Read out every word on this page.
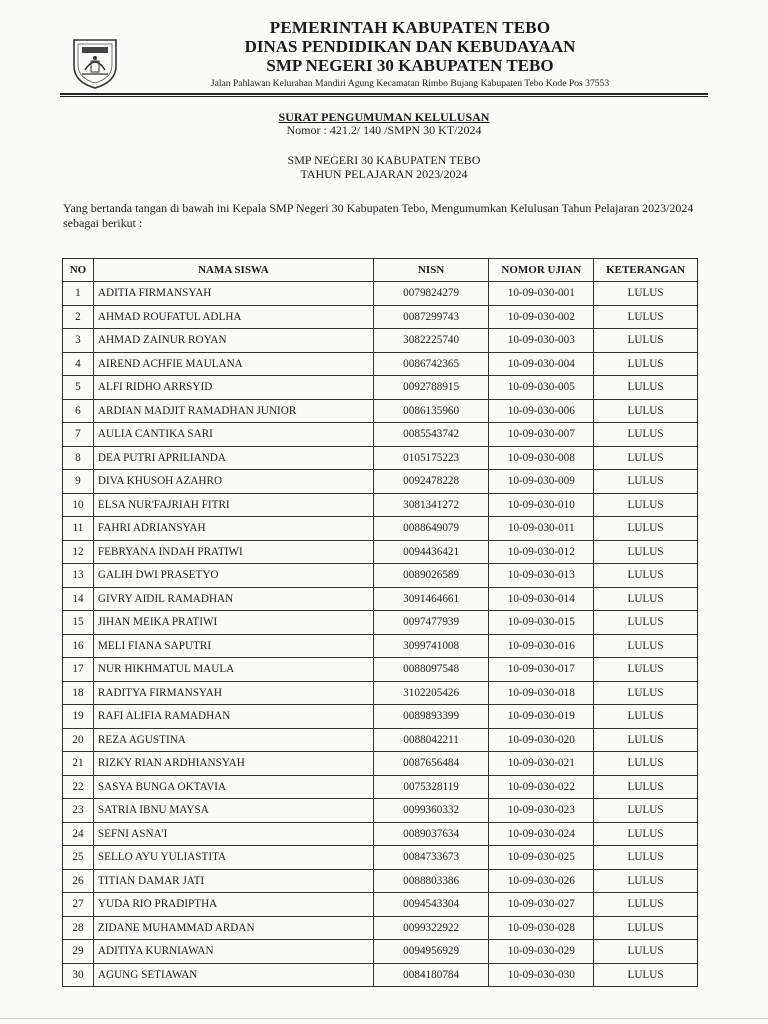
PEMERINTAH KABUPATEN TEBO
DINAS PENDIDIKAN DAN KEBUDAYAAN
SMP NEGERI 30 KABUPATEN TEBO
Jalan Pahlawan Kelurahan Mandiri Agung Kecamatan Rimbo Bujang Kabupaten Tebo Kode Pos 37553
SURAT PENGUMUMAN KELULUSAN
Nomor : 421.2/ 140 /SMPN 30 KT/2024
SMP NEGERI 30 KABUPATEN TEBO
TAHUN PELAJARAN 2023/2024
Yang bertanda tangan di bawah ini Kepala SMP Negeri 30 Kabupaten Tebo, Mengumumkan Kelulusan Tahun Pelajaran 2023/2024 sebagai berikut :
NO	NAMA SISWA	NISN	NOMOR UJIAN	KETERANGAN
1	ADITIA FIRMANSYAH	0079824279	10-09-030-001	LULUS
2	AHMAD ROUFATUL ADLHA	0087299743	10-09-030-002	LULUS
3	AHMAD ZAINUR ROYAN	3082225740	10-09-030-003	LULUS
4	AIREND ACHFIE MAULANA	0086742365	10-09-030-004	LULUS
5	ALFI RIDHO ARRSYID	0092788915	10-09-030-005	LULUS
6	ARDIAN MADJIT RAMADHAN JUNIOR	0086135960	10-09-030-006	LULUS
7	AULIA CANTIKA SARI	0085543742	10-09-030-007	LULUS
8	DEA PUTRI APRILIANDA	0105175223	10-09-030-008	LULUS
9	DIVA KHUSOH AZAHRO	0092478228	10-09-030-009	LULUS
10	ELSA NUR'FAJRIAH FITRI	3081341272	10-09-030-010	LULUS
11	FAHRI ADRIANSYAH	0088649079	10-09-030-011	LULUS
12	FEBRYANA INDAH PRATIWI	0094436421	10-09-030-012	LULUS
13	GALIH DWI PRASETYO	0089026589	10-09-030-013	LULUS
14	GIVRY AIDIL RAMADHAN	3091464661	10-09-030-014	LULUS
15	JIHAN MEIKA PRATIWI	0097477939	10-09-030-015	LULUS
16	MELI FIANA SAPUTRI	3099741008	10-09-030-016	LULUS
17	NUR HIKHMATUL MAULA	0088097548	10-09-030-017	LULUS
18	RADITYA FIRMANSYAH	3102205426	10-09-030-018	LULUS
19	RAFI ALIFIA RAMADHAN	0089893399	10-09-030-019	LULUS
20	REZA AGUSTINA	0088042211	10-09-030-020	LULUS
21	RIZKY RIAN ARDHIANSYAH	0087656484	10-09-030-021	LULUS
22	SASYA BUNGA OKTAVIA	0075328119	10-09-030-022	LULUS
23	SATRIA IBNU MAYSA	0099360332	10-09-030-023	LULUS
24	SEFNI ASNA'I	0089037634	10-09-030-024	LULUS
25	SELLO AYU YULIASTITA	0084733673	10-09-030-025	LULUS
26	TITIAN DAMAR JATI	0088803386	10-09-030-026	LULUS
27	YUDA RIO PRADIPTHA	0094543304	10-09-030-027	LULUS
28	ZIDANE MUHAMMAD ARDAN	0099322922	10-09-030-028	LULUS
29	ADITIYA KURNIAWAN	0094956929	10-09-030-029	LULUS
30	AGUNG SETIAWAN	0084180784	10-09-030-030	LULUS
